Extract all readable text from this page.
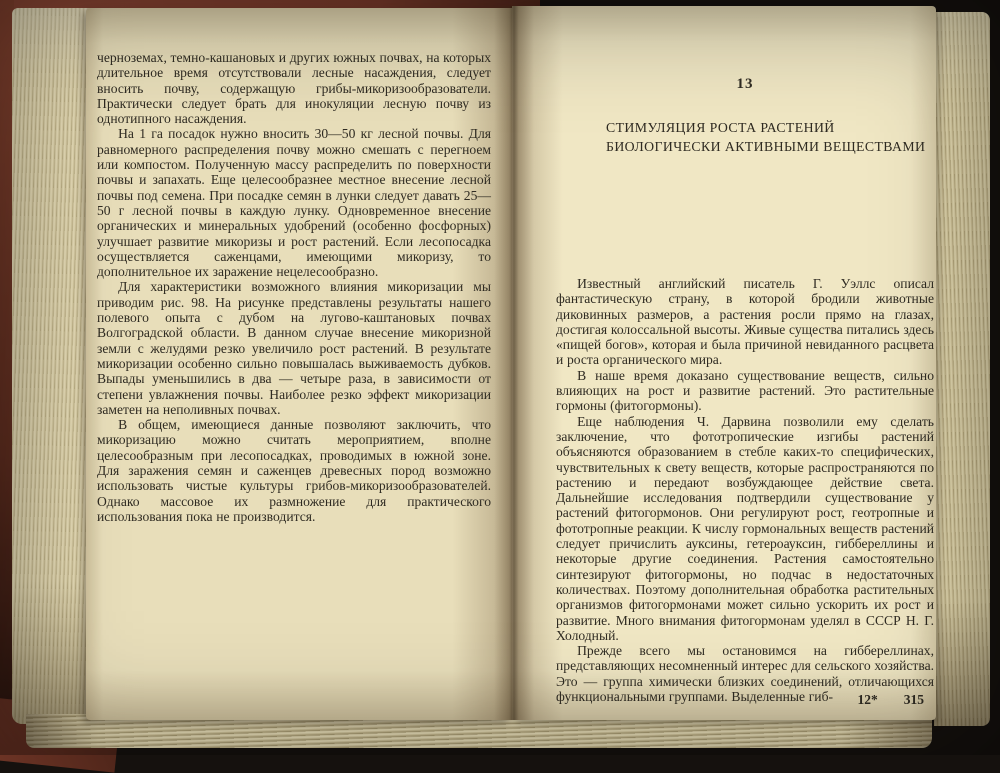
черноземах, темно-кашановых и других южных почвах, на которых длительное время отсутствовали лесные насаждения, следует вносить почву, содержащую грибы-микоризообразователи. Практически следует брать для инокуляции лесную почву из однотипного насаждения.

На 1 га посадок нужно вносить 30—50 кг лесной почвы. Для равномерного распределения почву можно смешать с перегноем или компостом. Полученную массу распределить по поверхности почвы и запахать. Еще целесообразнее местное внесение лесной почвы под семена. При посадке семян в лунки следует давать 25—50 г лесной почвы в каждую лунку. Одновременное внесение органических и минеральных удобрений (особенно фосфорных) улучшает развитие микоризы и рост растений. Если лесопосадка осуществляется саженцами, имеющими микоризу, то дополнительное их заражение нецелесообразно.

Для характеристики возможного влияния микоризации мы приводим рис. 98. На рисунке представлены результаты нашего полевого опыта с дубом на лугово-каштановых почвах Волгоградской области. В данном случае внесение микоризной земли с желудями резко увеличило рост растений. В результате микоризации особенно сильно повышалась выживаемость дубков. Выпады уменьшились в два — четыре раза, в зависимости от степени увлажнения почвы. Наиболее резко эффект микоризации заметен на неполивных почвах.

В общем, имеющиеся данные позволяют заключить, что микоризацию можно считать мероприятием, вполне целесообразным при лесопосадках, проводимых в южной зоне. Для заражения семян и саженцев древесных пород возможно использовать чистые культуры грибов-микоризообразователей. Однако массовое их размножение для практического использования пока не производится.

13
СТИМУЛЯЦИЯ РОСТА РАСТЕНИЙ
БИОЛОГИЧЕСКИ АКТИВНЫМИ ВЕЩЕСТВАМИ

Известный английский писатель Г. Уэллс описал фантастическую страну, в которой бродили животные диковинных размеров, а растения росли прямо на глазах, достигая колоссальной высоты. Живые существа питались здесь «пищей богов», которая и была причиной невиданного расцвета и роста органического мира.

В наше время доказано существование веществ, сильно влияющих на рост и развитие растений. Это растительные гормоны (фитогормоны).

Еще наблюдения Ч. Дарвина позволили ему сделать заключение, что фототропические изгибы растений объясняются образованием в стебле каких-то специфических, чувствительных к свету веществ, которые распространяются по растению и передают возбуждающее действие света. Дальнейшие исследования подтвердили существование у растений фитогормонов. Они регулируют рост, геотропные и фототропные реакции. К числу гормональных веществ растений следует причислить ауксины, гетероауксин, гиббереллины и некоторые другие соединения. Растения самостоятельно синтезируют фитогормоны, но подчас в недостаточных количествах. Поэтому дополнительная обработка растительных организмов фитогормонами может сильно ускорить их рост и развитие. Много внимания фитогормонам уделял в СССР Н. Г. Холодный.

Прежде всего мы остановимся на гиббереллинах, представляющих несомненный интерес для сельского хозяйства. Это — группа химически близких соединений, отличающихся функциональными группами. Выделенные гиб-	12* 315
